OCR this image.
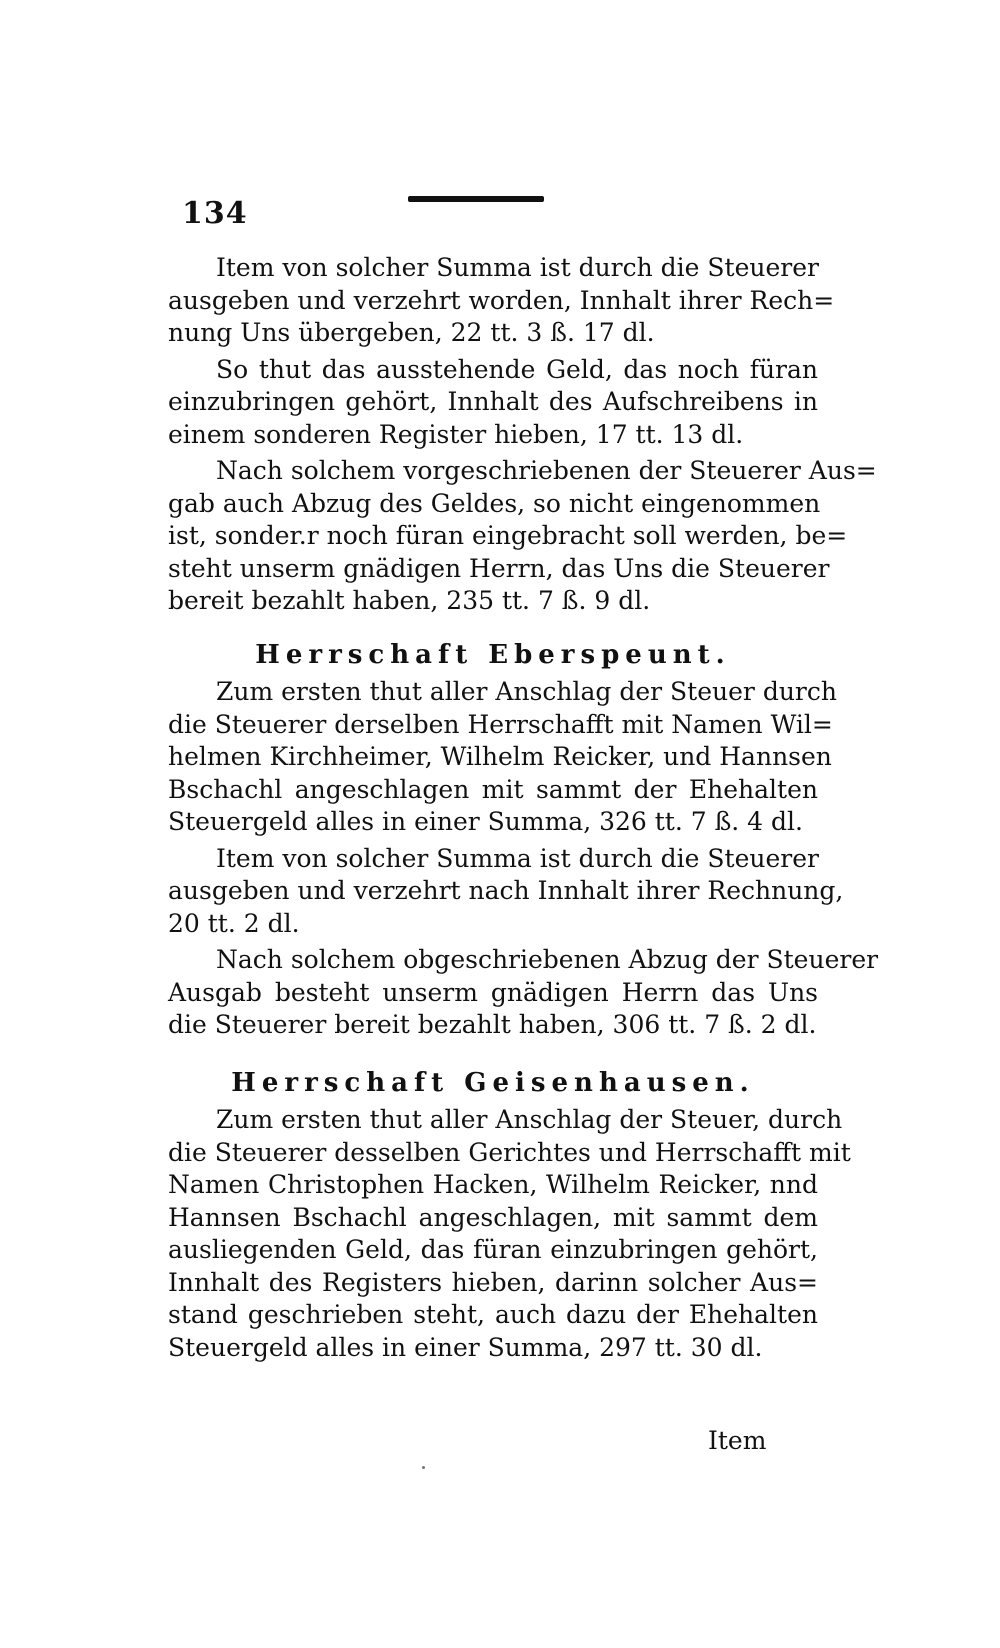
134
Item von solcher Summa ist durch die Steuerer
ausgeben und verzehrt worden, Innhalt ihrer Rech=
nung Uns übergeben, 22 tt. 3 ß. 17 dl.
So thut das ausstehende Geld, das noch füran
einzubringen gehört, Innhalt des Aufschreibens in
einem sonderen Register hieben, 17 tt. 13 dl.
Nach solchem vorgeschriebenen der Steuerer Aus=
gab auch Abzug des Geldes, so nicht eingenommen
ist, sonder.r noch füran eingebracht soll werden, be=
steht unserm gnädigen Herrn, das Uns die Steuerer
bereit bezahlt haben, 235 tt. 7 ß. 9 dl.
Herrschaft Eberspeunt.
Zum ersten thut aller Anschlag der Steuer durch
die Steuerer derselben Herrschafft mit Namen Wil=
helmen Kirchheimer, Wilhelm Reicker, und Hannsen
Bschachl angeschlagen mit sammt der Ehehalten
Steuergeld alles in einer Summa, 326 tt. 7 ß. 4 dl.
Item von solcher Summa ist durch die Steuerer
ausgeben und verzehrt nach Innhalt ihrer Rechnung,
20 tt. 2 dl.
Nach solchem obgeschriebenen Abzug der Steuerer
Ausgab besteht unserm gnädigen Herrn das Uns
die Steuerer bereit bezahlt haben, 306 tt. 7 ß. 2 dl.
Herrschaft Geisenhausen.
Zum ersten thut aller Anschlag der Steuer, durch
die Steuerer desselben Gerichtes und Herrschafft mit
Namen Christophen Hacken, Wilhelm Reicker, nnd
Hannsen Bschachl angeschlagen, mit sammt dem
ausliegenden Geld, das füran einzubringen gehört,
Innhalt des Registers hieben, darinn solcher Aus=
stand geschrieben steht, auch dazu der Ehehalten
Steuergeld alles in einer Summa, 297 tt. 30 dl.
Item
